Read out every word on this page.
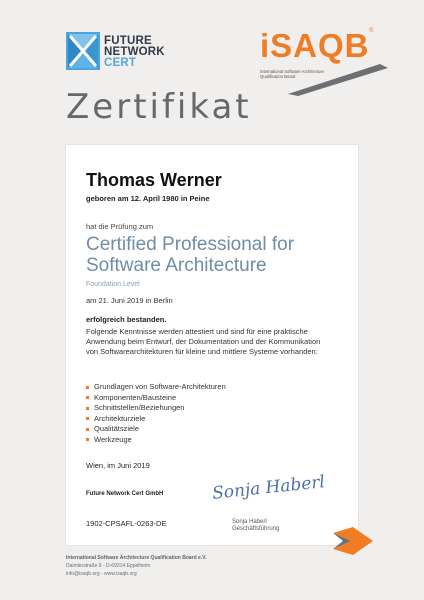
FUTURE
NETWORK
CERT	iSAQB ®
International Software Architecture
Qualification Board
Zertifikat
Thomas Werner
geboren am 12. April 1980 in Peine
hat die Prüfung zum
Certified Professional for
Software Architecture
Foundation Level
am 21. Juni 2019 in Berlin
erfolgreich bestanden.
Folgende Kenntnisse werden attestiert und sind für eine praktische Anwendung beim Entwurf, der Dokumentation und der Kommunikation von Softwarearchitekturen für kleine und mittlere Systeme vorhanden:
Grundlagen von Software-Architekturen
Komponenten/Bausteine
Schnittstellen/Beziehungen
Architekturziele
Qualitätsziele
Werkzeuge
Wien, im Juni 2019
Future Network Cert GmbH
1902-CPSAFL-0263-DE
Sonja Haberl
Sonja Haberl
Geschäftsführung
International Software Architecture Qualification Board e.V.
Daimlerstraße 9 · D-69314 Eppelheim
info@isaqb.org · www.isaqb.org
